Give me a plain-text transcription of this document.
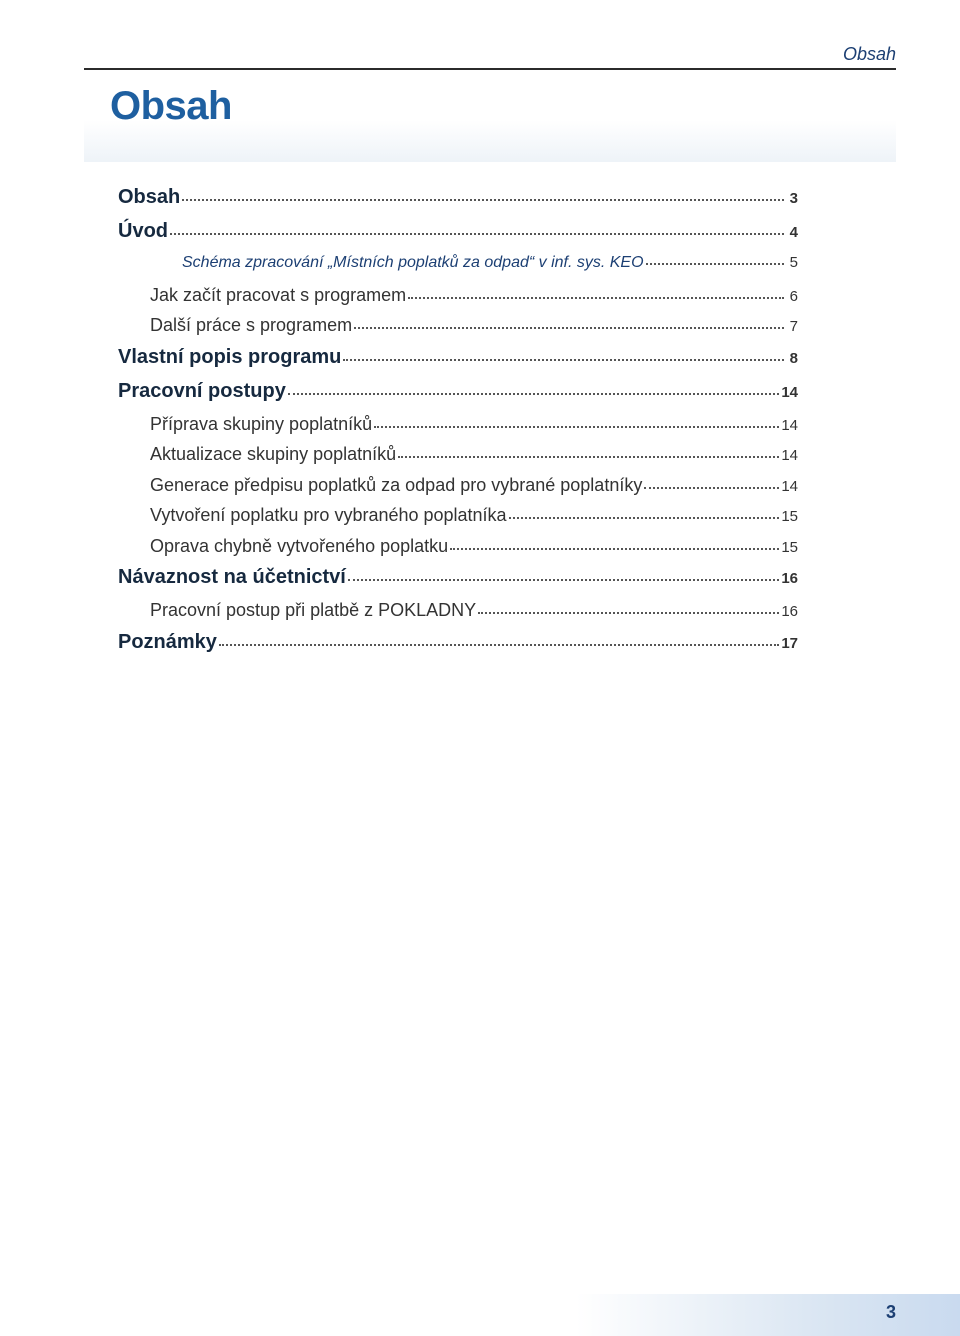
Obsah
Obsah
Obsah	3
Úvod	4
Schéma zpracování „Místních poplatků za odpad“ v inf. sys. KEO	5
Jak začít pracovat s programem	6
Další práce s programem	7
Vlastní popis programu	8
Pracovní postupy	14
Příprava skupiny poplatníků	14
Aktualizace skupiny poplatníků	14
Generace předpisu poplatků za odpad pro vybrané poplatníky	14
Vytvoření poplatku pro vybraného poplatníka	15
Oprava chybně vytvořeného poplatku	15
Návaznost na účetnictví	16
Pracovní postup při platbě z POKLADNY	16
Poznámky	17
3
